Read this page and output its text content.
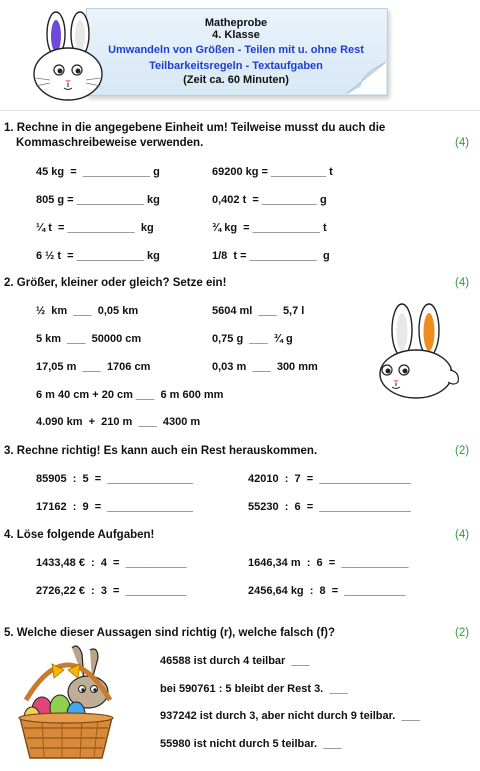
Matheprobe
4. Klasse
Umwandeln von Größen - Teilen mit u. ohne Rest
Teilbarkeitsregeln - Textaufgaben
(Zeit ca. 60 Minuten)
1. Rechne in die angegebene Einheit um! Teilweise musst du auch die
Kommaschreibeweise verwenden.	(4)
45 kg  =  ___________ g	69200 kg = _________ t
805 g = ___________ kg	0,402 t  = _________ g
¼ t  = ___________  kg	¾ kg  = ___________ t
6 ½ t  = ___________ kg	1/8  t = ___________  g
2. Größer, kleiner oder gleich? Setze ein!	(4)
½  km  ___  0,05 km	5604 ml  ___  5,7 l
5 km  ___  50000 cm	0,75 g  ___  ¾ g
17,05 m  ___  1706 cm	0,03 m  ___  300 mm
6 m 40 cm + 20 cm ___  6 m 600 mm
4.090 km  +  210 m  ___  4300 m
3. Rechne richtig! Es kann auch ein Rest herauskommen.	(2)
85905  :  5  =  ______________	42010  :  7  =  _______________
17162  :  9  =  ______________	55230  :  6  =  _______________
4. Löse folgende Aufgaben!	(4)
1433,48 €  :  4  =  __________	1646,34 m  :  6  =  ___________
2726,22 €  :  3  =  __________	2456,64 kg  :  8  =  __________
5. Welche dieser Aussagen sind richtig (r), welche falsch (f)?	(2)
46588 ist durch 4 teilbar  ___
bei 590761 : 5 bleibt der Rest 3.  ___
937242 ist durch 3, aber nicht durch 9 teilbar.  ___
55980 ist nicht durch 5 teilbar.  ___
